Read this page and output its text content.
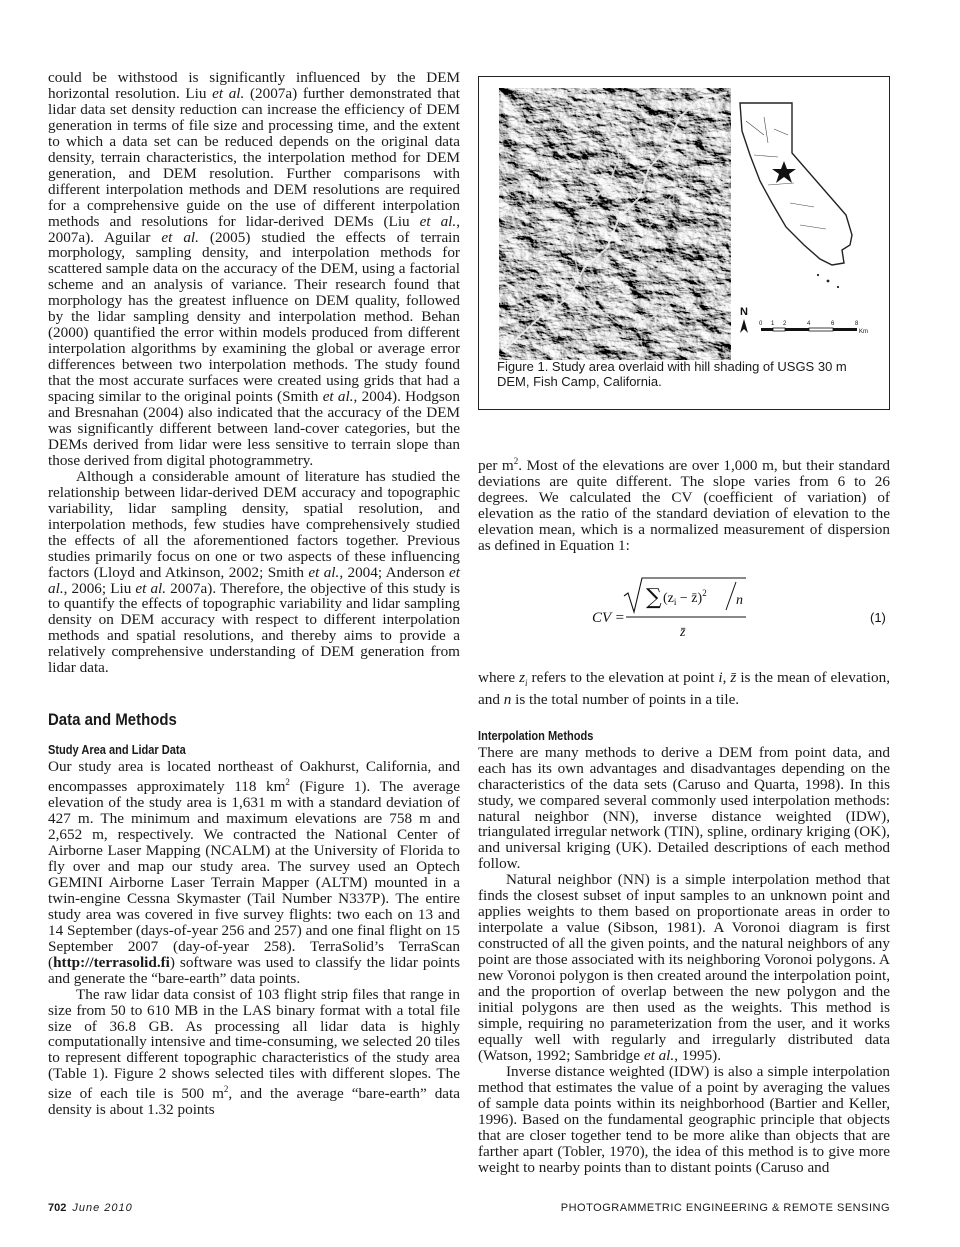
could be withstood is significantly influenced by the DEM horizontal resolution. Liu et al. (2007a) further demonstrated that lidar data set density reduction can increase the efficiency of DEM generation in terms of file size and processing time, and the extent to which a data set can be reduced depends on the original data density, terrain characteristics, the interpolation method for DEM generation, and DEM resolution. Further comparisons with different interpolation methods and DEM resolutions are required for a comprehensive guide on the use of different interpolation methods and resolutions for lidar-derived DEMs (Liu et al., 2007a). Aguilar et al. (2005) studied the effects of terrain morphology, sampling density, and interpolation methods for scattered sample data on the accuracy of the DEM, using a factorial scheme and an analysis of variance. Their research found that morphology has the greatest influence on DEM quality, followed by the lidar sampling density and interpolation method. Behan (2000) quantified the error within models produced from different interpolation algorithms by examining the global or average error differences between two interpolation methods. The study found that the most accurate surfaces were created using grids that had a spacing similar to the original points (Smith et al., 2004). Hodgson and Bresnahan (2004) also indicated that the accuracy of the DEM was significantly different between land-cover categories, but the DEMs derived from lidar were less sensitive to terrain slope than those derived from digital photogrammetry.

Although a considerable amount of literature has studied the relationship between lidar-derived DEM accuracy and topographic variability, lidar sampling density, spatial resolution, and interpolation methods, few studies have comprehensively studied the effects of all the aforementioned factors together. Previous studies primarily focus on one or two aspects of these influencing factors (Lloyd and Atkinson, 2002; Smith et al., 2004; Anderson et al., 2006; Liu et al. 2007a). Therefore, the objective of this study is to quantify the effects of topographic variability and lidar sampling density on DEM accuracy with respect to different interpolation methods and spatial resolutions, and thereby aims to provide a relatively comprehensive understanding of DEM generation from lidar data.

Data and Methods
Study Area and Lidar Data

Our study area is located northeast of Oakhurst, California, and encompasses approximately 118 $km^2$ (Figure 1). The average elevation of the study area is 1,631 m with a standard deviation of 427 m. The minimum and maximum elevations are 758 m and 2,652 m, respectively. We contracted the National Center of Airborne Laser Mapping (NCALM) at the University of Florida to fly over and map our study area. The survey used an Optech GEMINI Airborne Laser Terrain Mapper (ALTM) mounted in a twin-engine Cessna Skymaster (Tail Number N337P). The entire study area was covered in five survey flights: two each on 13 and 14 September (days-of-year 256 and 257) and one final flight on 15 September 2007 (day-of-year 258). TerraSolid’s TerraScan (http://terrasolid.fi) software was used to classify the lidar points and generate the “bare-earth” data points.

The raw lidar data consist of 103 flight strip files that range in size from 50 to 610 MB in the LAS binary format with a total file size of 36.8 GB. As processing all lidar data is highly computationally intensive and time-consuming, we selected 20 tiles to represent different topographic characteristics of the study area (Table 1). Figure 2 shows selected tiles with different slopes. The size of each tile is 500 $m^2$, and the average “bare-earth” data density is about 1.32 points

N
0 1 2	4	6	8
Km
Figure 1. Study area overlaid with hill shading of USGS 30 m DEM, Fish Camp, California.

per $m^2$. Most of the elevations are over 1,000 m, but their standard deviations are quite different. The slope varies from 6 to 26 degrees. We calculated the CV (coefficient of variation) of elevation as the ratio of the standard deviation of elevation to the elevation mean, which is a normalized measurement of dispersion as defined in Equation 1:

CV =
∑ ($z_i$ − z̄)$^2$ n
z̄
(1)

where $z_i$ refers to the elevation at point i, z̄ is the mean of elevation, and n is the total number of points in a tile.

Interpolation Methods

There are many methods to derive a DEM from point data, and each has its own advantages and disadvantages depending on the characteristics of the data sets (Caruso and Quarta, 1998). In this study, we compared several commonly used interpolation methods: natural neighbor (NN), inverse distance weighted (IDW), triangulated irregular network (TIN), spline, ordinary kriging (OK), and universal kriging (UK). Detailed descriptions of each method follow.

Natural neighbor (NN) is a simple interpolation method that finds the closest subset of input samples to an unknown point and applies weights to them based on proportionate areas in order to interpolate a value (Sibson, 1981). A Voronoi diagram is first constructed of all the given points, and the natural neighbors of any point are those associated with its neighboring Voronoi polygons. A new Voronoi polygon is then created around the interpolation point, and the proportion of overlap between the new polygon and the initial polygons are then used as the weights. This method is simple, requiring no parameterization from the user, and it works equally well with regularly and irregularly distributed data (Watson, 1992; Sambridge et al., 1995).

Inverse distance weighted (IDW) is also a simple interpolation method that estimates the value of a point by averaging the values of sample data points within its neighborhood (Bartier and Keller, 1996). Based on the fundamental geographic principle that objects that are closer together tend to be more alike than objects that are farther apart (Tobler, 1970), the idea of this method is to give more weight to nearby points than to distant points (Caruso and

702 June 2010	PHOTOGRAMMETRIC ENGINEERING & REMOTE SENSING
